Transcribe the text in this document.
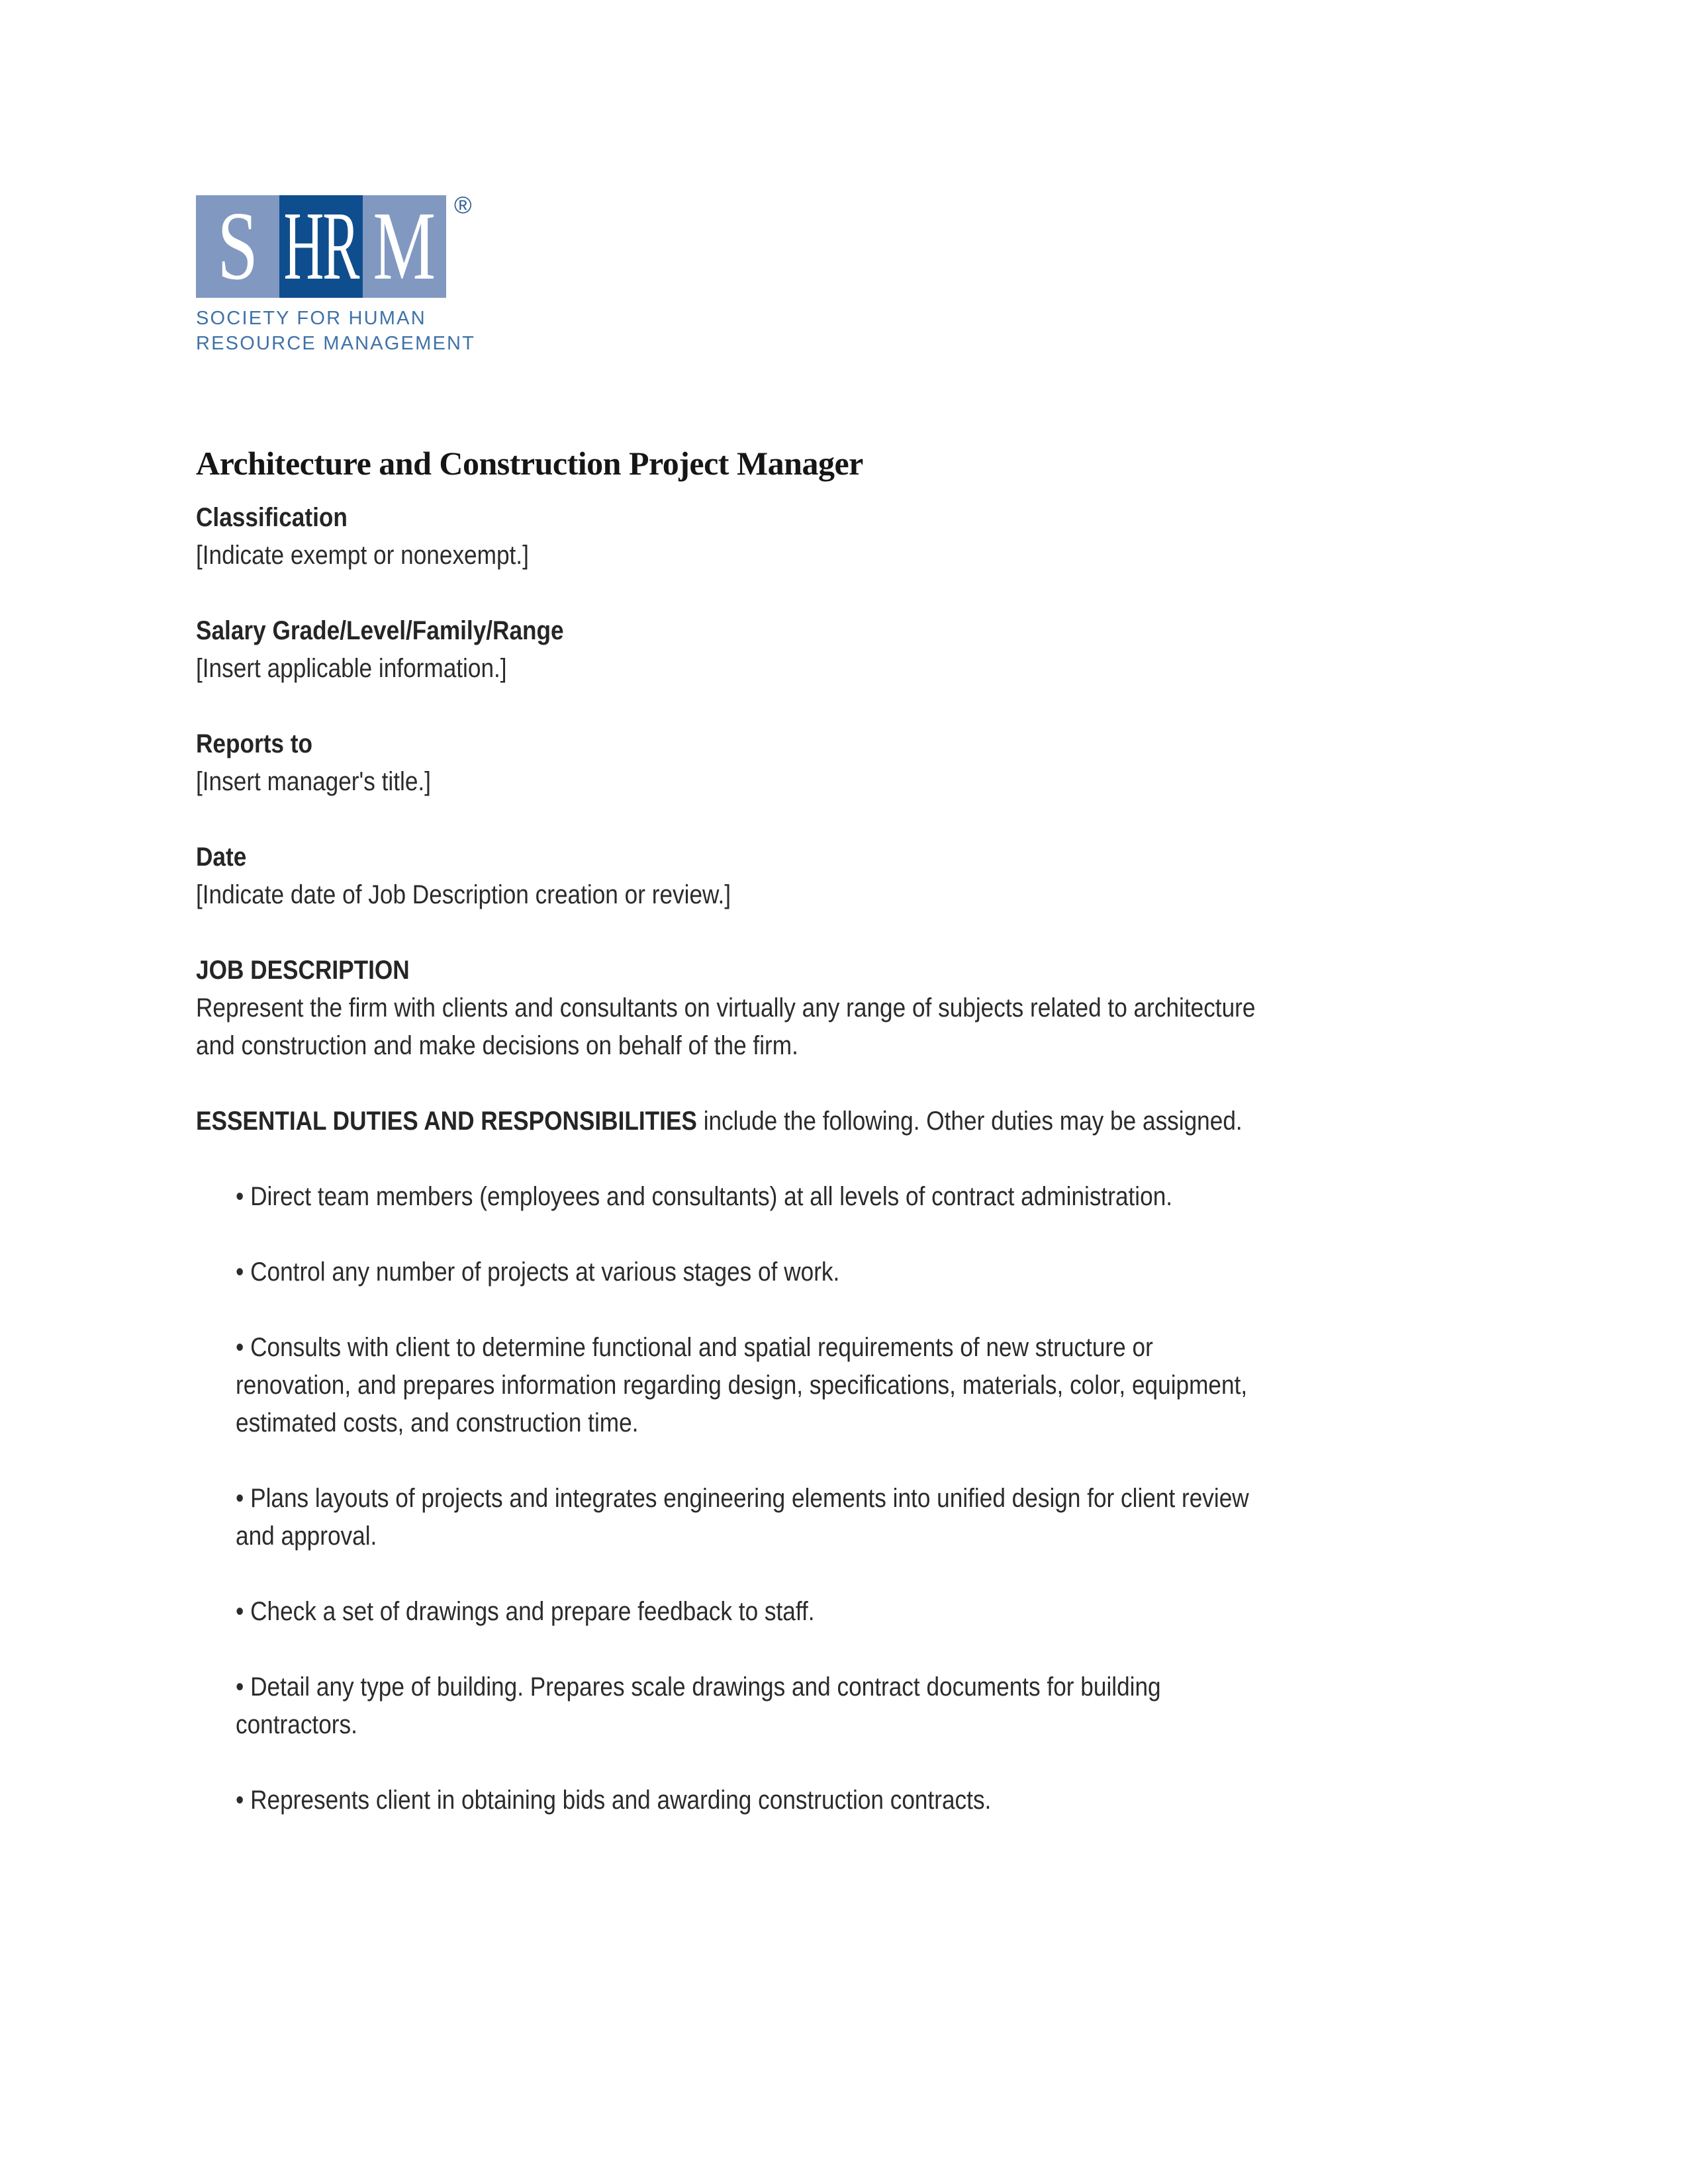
S HR M ®
SOCIETY FOR HUMAN
RESOURCE MANAGEMENT
Architecture and Construction Project Manager
Classification
[Indicate exempt or nonexempt.]
Salary Grade/Level/Family/Range
[Insert applicable information.]
Reports to
[Insert manager's title.]
Date
[Indicate date of Job Description creation or review.]
JOB DESCRIPTION
Represent the firm with clients and consultants on virtually any range of subjects related to architecture
and construction and make decisions on behalf of the firm.
ESSENTIAL DUTIES AND RESPONSIBILITIES include the following. Other duties may be assigned.
• Direct team members (employees and consultants) at all levels of contract administration.
• Control any number of projects at various stages of work.
• Consults with client to determine functional and spatial requirements of new structure or
renovation, and prepares information regarding design, specifications, materials, color, equipment,
estimated costs, and construction time.
• Plans layouts of projects and integrates engineering elements into unified design for client review
and approval.
• Check a set of drawings and prepare feedback to staff.
• Detail any type of building. Prepares scale drawings and contract documents for building
contractors.
• Represents client in obtaining bids and awarding construction contracts.
